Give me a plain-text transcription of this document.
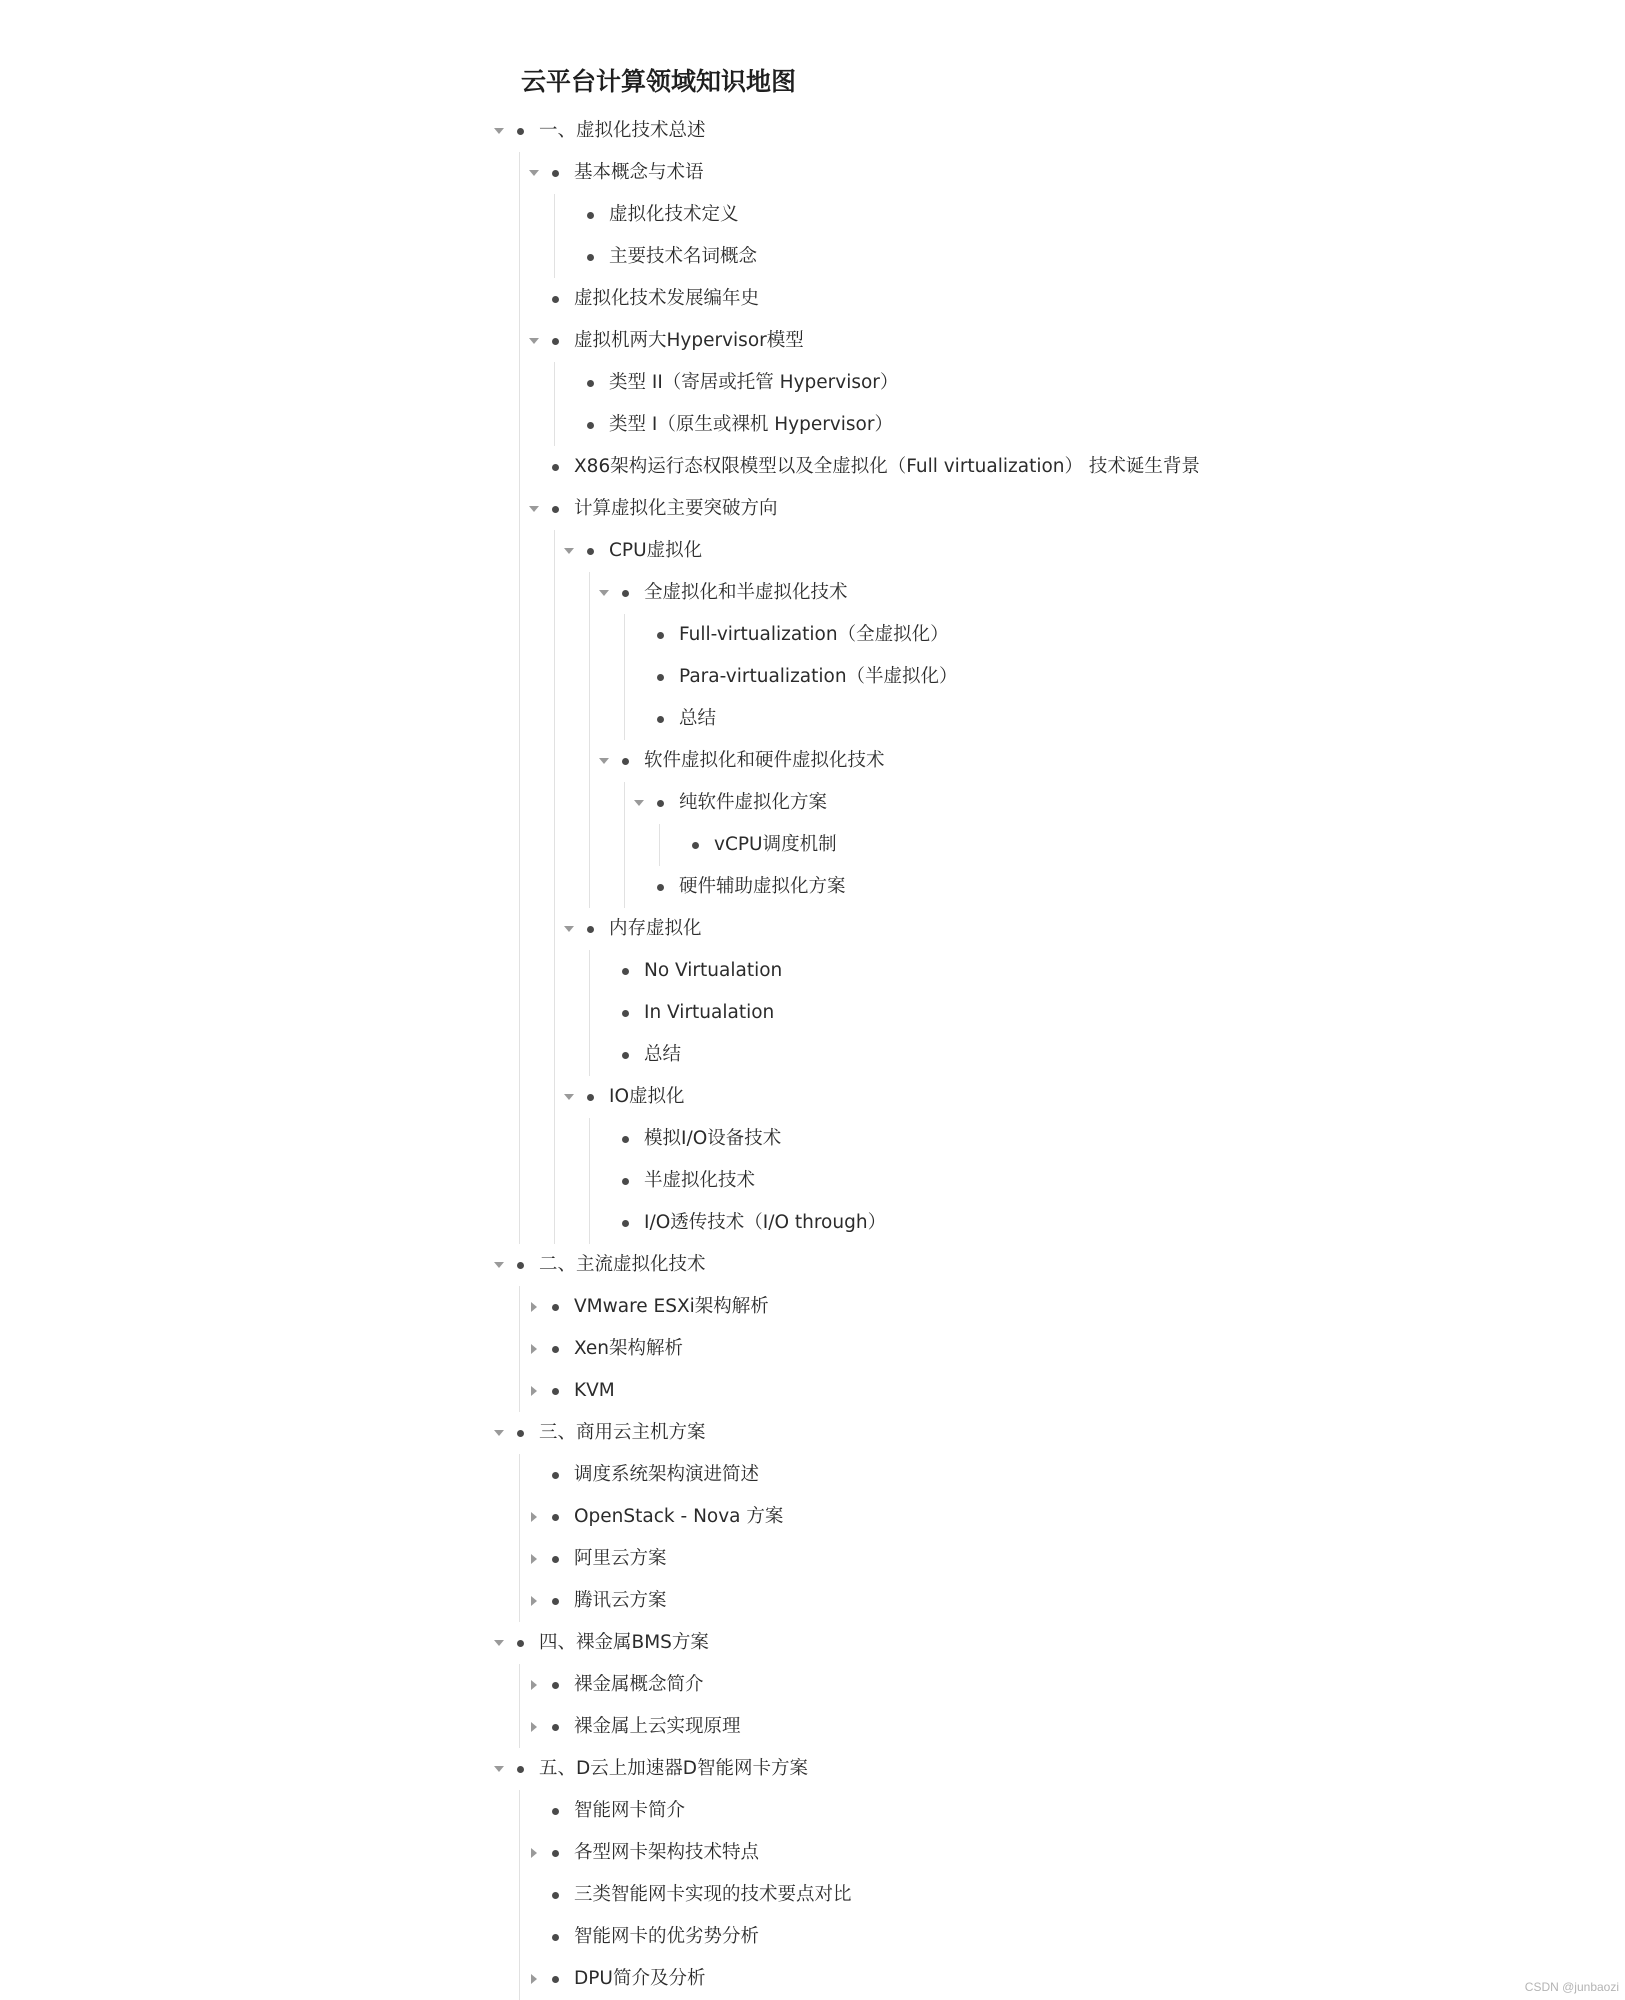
云平台计算领域知识地图
一、虚拟化技术总述
基本概念与术语
虚拟化技术定义
主要技术名词概念
虚拟化技术发展编年史
虚拟机两大Hypervisor模型
类型 II（寄居或托管 Hypervisor）
类型 I（原生或裸机 Hypervisor）
X86架构运行态权限模型以及全虚拟化（Full virtualization） 技术诞生背景
计算虚拟化主要突破方向
CPU虚拟化
全虚拟化和半虚拟化技术
Full-virtualization（全虚拟化）
Para-virtualization（半虚拟化）
总结
软件虚拟化和硬件虚拟化技术
纯软件虚拟化方案
vCPU调度机制
硬件辅助虚拟化方案
内存虚拟化
No Virtualation
In Virtualation
总结
IO虚拟化
模拟I/O设备技术
半虚拟化技术
I/O透传技术（I/O through）
二、主流虚拟化技术
VMware ESXi架构解析
Xen架构解析
KVM
三、商用云主机方案
调度系统架构演进简述
OpenStack - Nova 方案
阿里云方案
腾讯云方案
四、裸金属BMS方案
裸金属概念简介
裸金属上云实现原理
五、D云上加速器D智能网卡方案
智能网卡简介
各型网卡架构技术特点
三类智能网卡实现的技术要点对比
智能网卡的优劣势分析
DPU简介及分析	CSDN @junbaozi
